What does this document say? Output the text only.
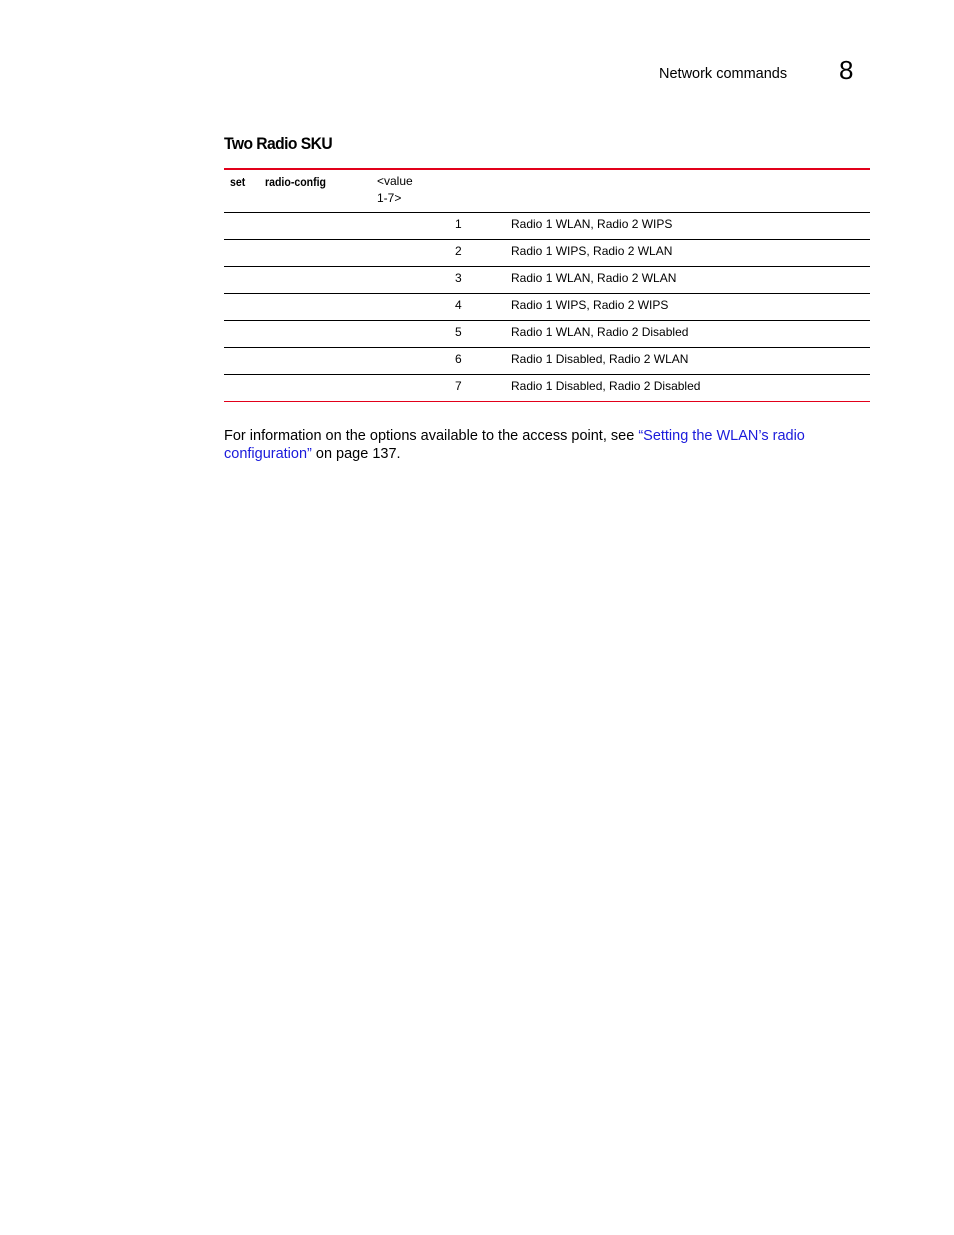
Network commands 8
Two Radio SKU
set radio-config	<value
1-7>
1	Radio 1 WLAN, Radio 2 WIPS
2	Radio 1 WIPS, Radio 2 WLAN
3	Radio 1 WLAN, Radio 2 WLAN
4	Radio 1 WIPS, Radio 2 WIPS
5	Radio 1 WLAN, Radio 2 Disabled
6	Radio 1 Disabled, Radio 2 WLAN
7	Radio 1 Disabled, Radio 2 Disabled

For information on the options available to the access point, see “Setting the WLAN’s radio configuration” on page 137.
